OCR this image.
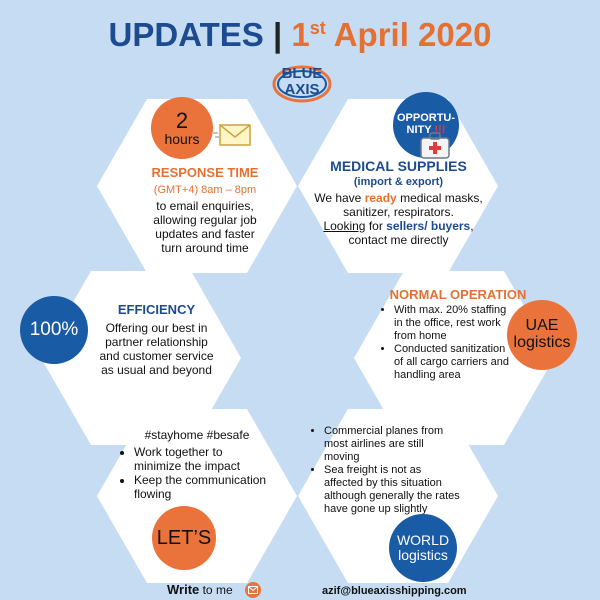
UPDATES | 1st April 2020
BLUE
AXIS
2
hours
RESPONSE TIME
(GMT+4) 8am – 8pm
to email enquiries, allowing regular job updates and faster turn around time
OPPORTU-
NITY !!!
MEDICAL SUPPLIES
(import & export)
We have ready medical masks, sanitizer, respirators.
Looking for sellers/ buyers, contact me directly
100%
EFFICIENCY
Offering our best in partner relationship and customer service as usual and beyond
NORMAL OPERATION
• With max. 20% staffing in the office, rest work from home
• Conducted sanitization of all cargo carriers and handling area
UAE
logistics
#stayhome #besafe
• Work together to minimize the impact
• Keep the communication flowing
LET’S
• Commercial planes from most airlines are still moving
• Sea freight is not as affected by this situation although generally the rates have gone up slightly
WORLD
logistics
Write to me	azif@blueaxisshipping.com
